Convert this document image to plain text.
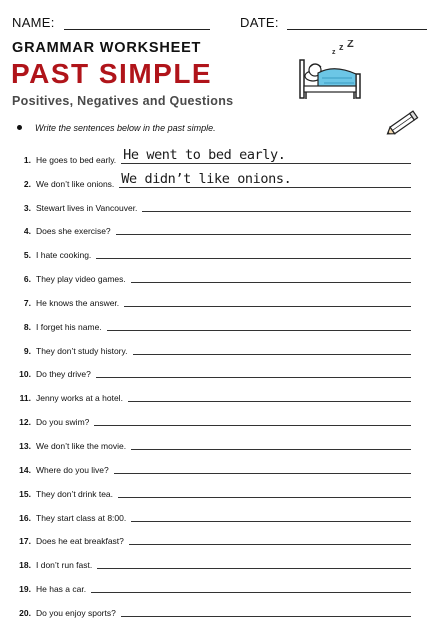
NAME:	DATE:
GRAMMAR WORKSHEET
PAST SIMPLE
Positives, Negatives and Questions
z
z Z
Write the sentences below in the past simple.
1. He goes to bed early. He went to bed early.
2. We don’t like onions. We didn’t like onions.
3. Stewart lives in Vancouver.
4. Does she exercise?
5. I hate cooking.
6. They play video games.
7. He knows the answer.
8. I forget his name.
9. They don’t study history.
10. Do they drive?
11. Jenny works at a hotel.
12. Do you swim?
13. We don’t like the movie.
14. Where do you live?
15. They don’t drink tea.
16. They start class at 8:00.
17. Does he eat breakfast?
18. I don’t run fast.
19. He has a car.
20. Do you enjoy sports?
